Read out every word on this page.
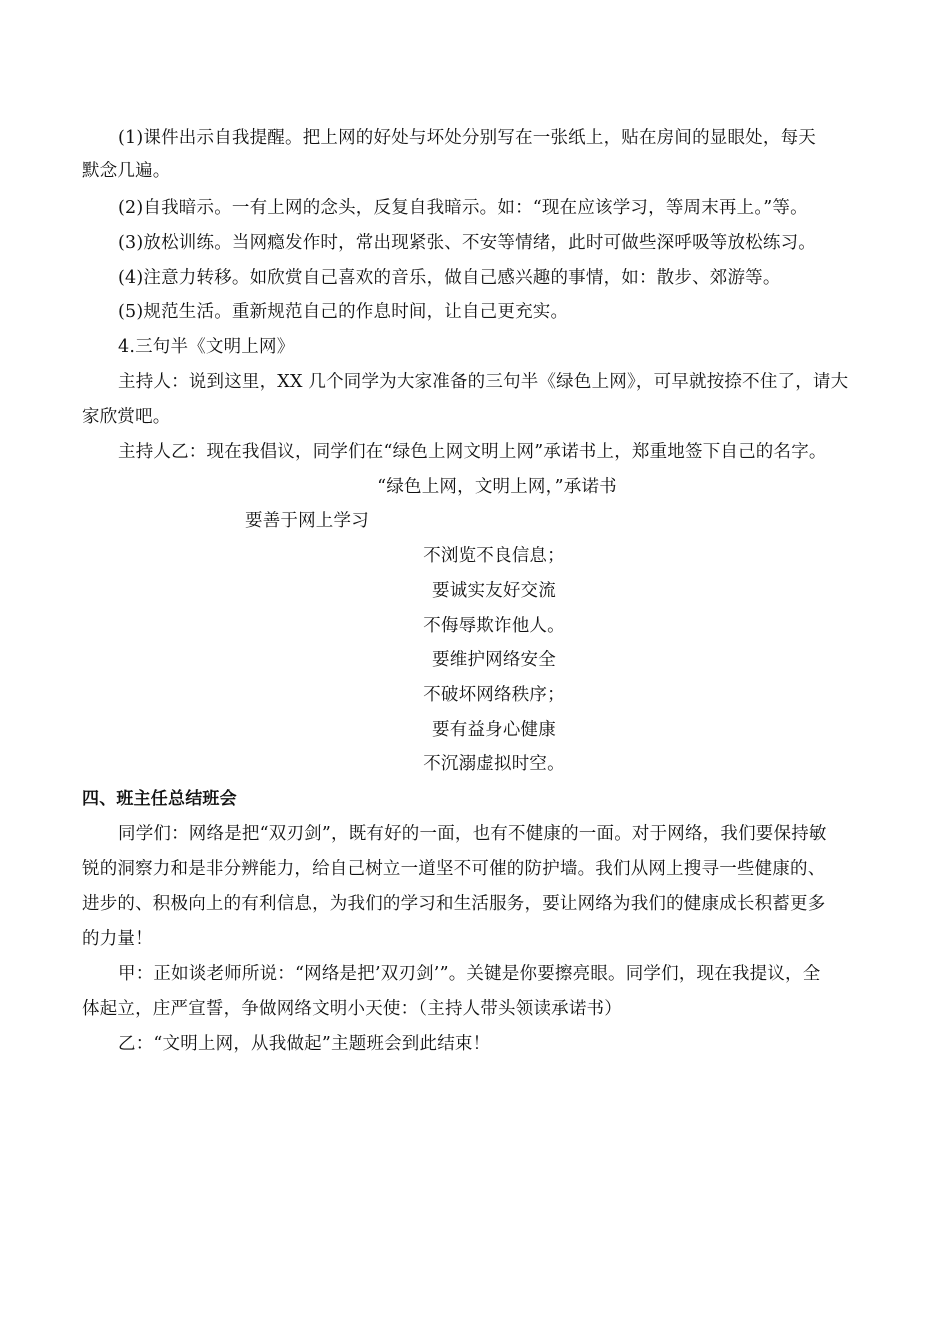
(1)课件出示自我提醒。把上网的好处与坏处分别写在一张纸上，贴在房间的显眼处，每天
默念几遍。
(2)自我暗示。一有上网的念头，反复自我暗示。如：“现在应该学习，等周末再上。”等。
(3)放松训练。当网瘾发作时，常出现紧张、不安等情绪，此时可做些深呼吸等放松练习。
(4)注意力转移。如欣赏自己喜欢的音乐，做自己感兴趣的事情，如：散步、郊游等。
(5)规范生活。重新规范自己的作息时间，让自己更充实。
4.三句半《文明上网》
主持人：说到这里，XX 几个同学为大家准备的三句半《绿色上网》，可早就按捺不住了，请大
家欣赏吧。
主持人乙：现在我倡议，同学们在“绿色上网文明上网”承诺书上，郑重地签下自己的名字。
“绿色上网，文明上网，”承诺书
要善于网上学习
不浏览不良信息；
要诚实友好交流
不侮辱欺诈他人。
要维护网络安全
不破坏网络秩序；
要有益身心健康
不沉溺虚拟时空。
四、班主任总结班会
同学们：网络是把“双刃剑”，既有好的一面，也有不健康的一面。对于网络，我们要保持敏
锐的洞察力和是非分辨能力，给自己树立一道坚不可催的防护墙。我们从网上搜寻一些健康的、
进步的、积极向上的有利信息，为我们的学习和生活服务，要让网络为我们的健康成长积蓄更多
的力量！
甲：正如谈老师所说：“网络是把’双刃剑’”。关键是你要擦亮眼。同学们，现在我提议，全
体起立，庄严宣誓，争做网络文明小天使：（主持人带头领读承诺书）
乙：“文明上网，从我做起”主题班会到此结束！
